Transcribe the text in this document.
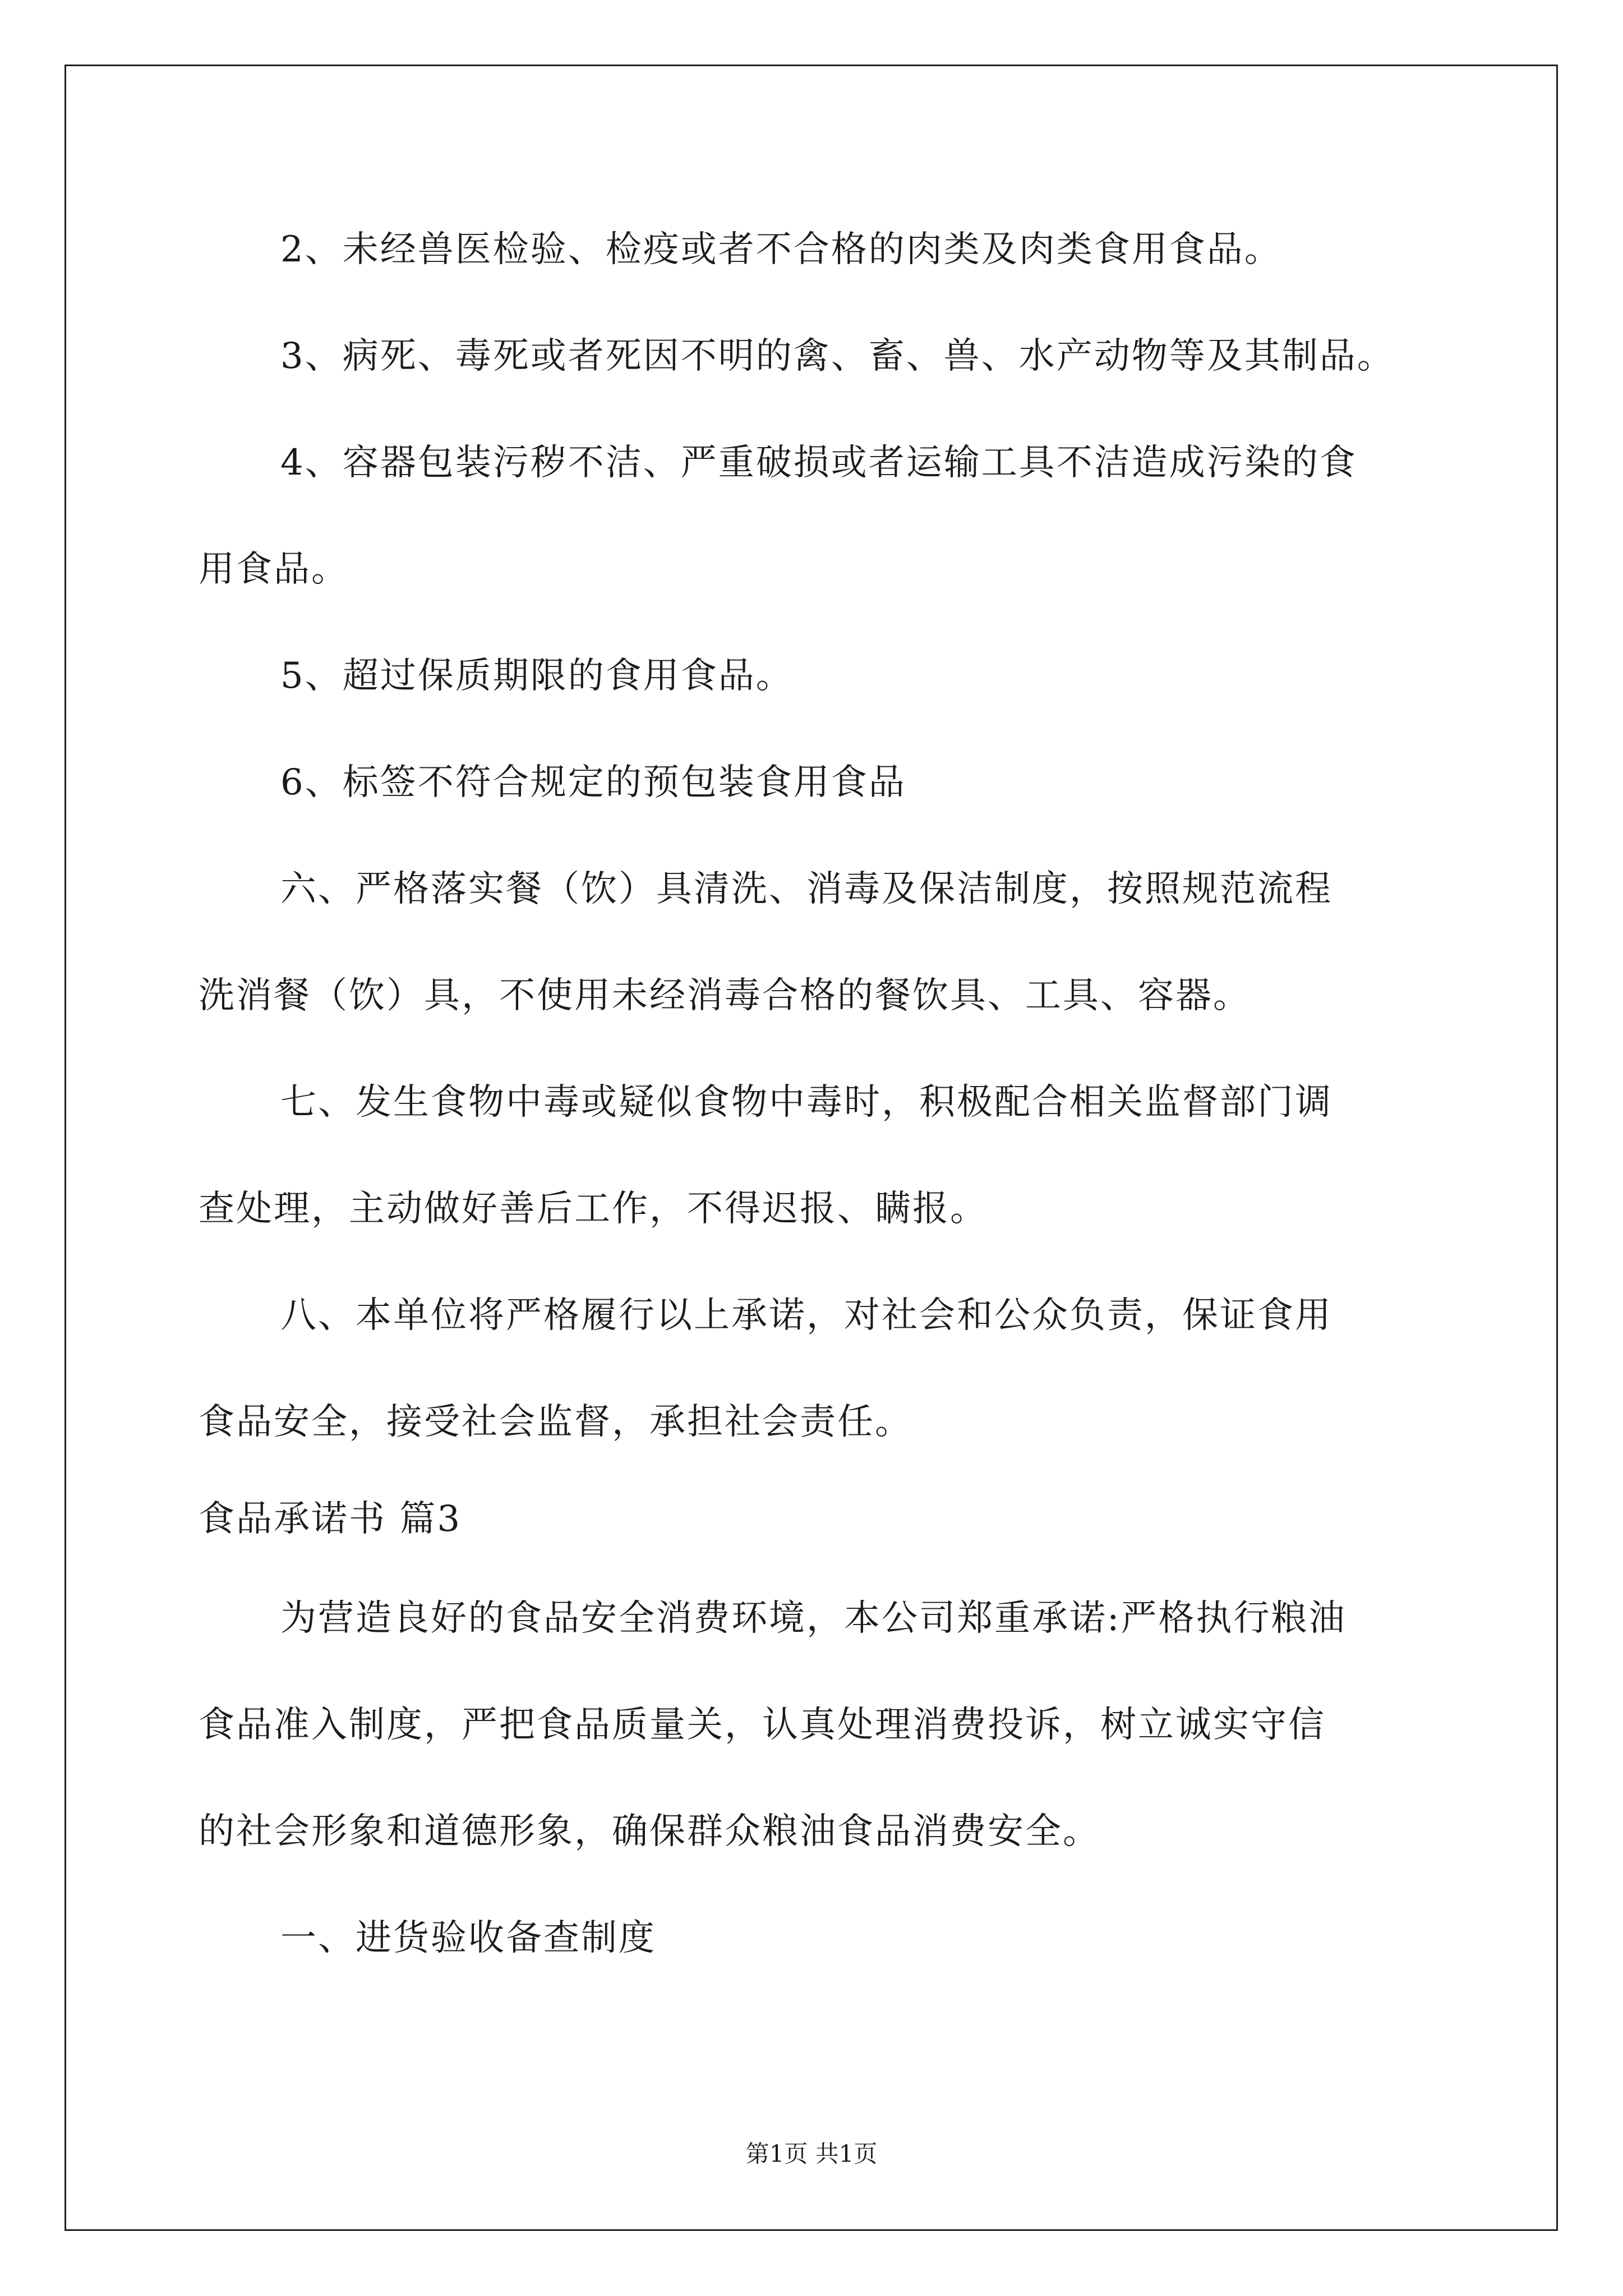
2、未经兽医检验、检疫或者不合格的肉类及肉类食用食品。
3、病死、毒死或者死因不明的禽、畜、兽、水产动物等及其制品。
4、容器包装污秽不洁、严重破损或者运输工具不洁造成污染的食
用食品。
5、超过保质期限的食用食品。
6、标签不符合规定的预包装食用食品
六、严格落实餐（饮）具清洗、消毒及保洁制度，按照规范流程
洗消餐（饮）具，不使用未经消毒合格的餐饮具、工具、容器。
七、发生食物中毒或疑似食物中毒时，积极配合相关监督部门调
查处理，主动做好善后工作，不得迟报、瞒报。
八、本单位将严格履行以上承诺，对社会和公众负责，保证食用
食品安全，接受社会监督，承担社会责任。
食品承诺书 篇3
为营造良好的食品安全消费环境，本公司郑重承诺:严格执行粮油
食品准入制度，严把食品质量关，认真处理消费投诉，树立诚实守信
的社会形象和道德形象，确保群众粮油食品消费安全。
一、进货验收备查制度
第1页 共1页
